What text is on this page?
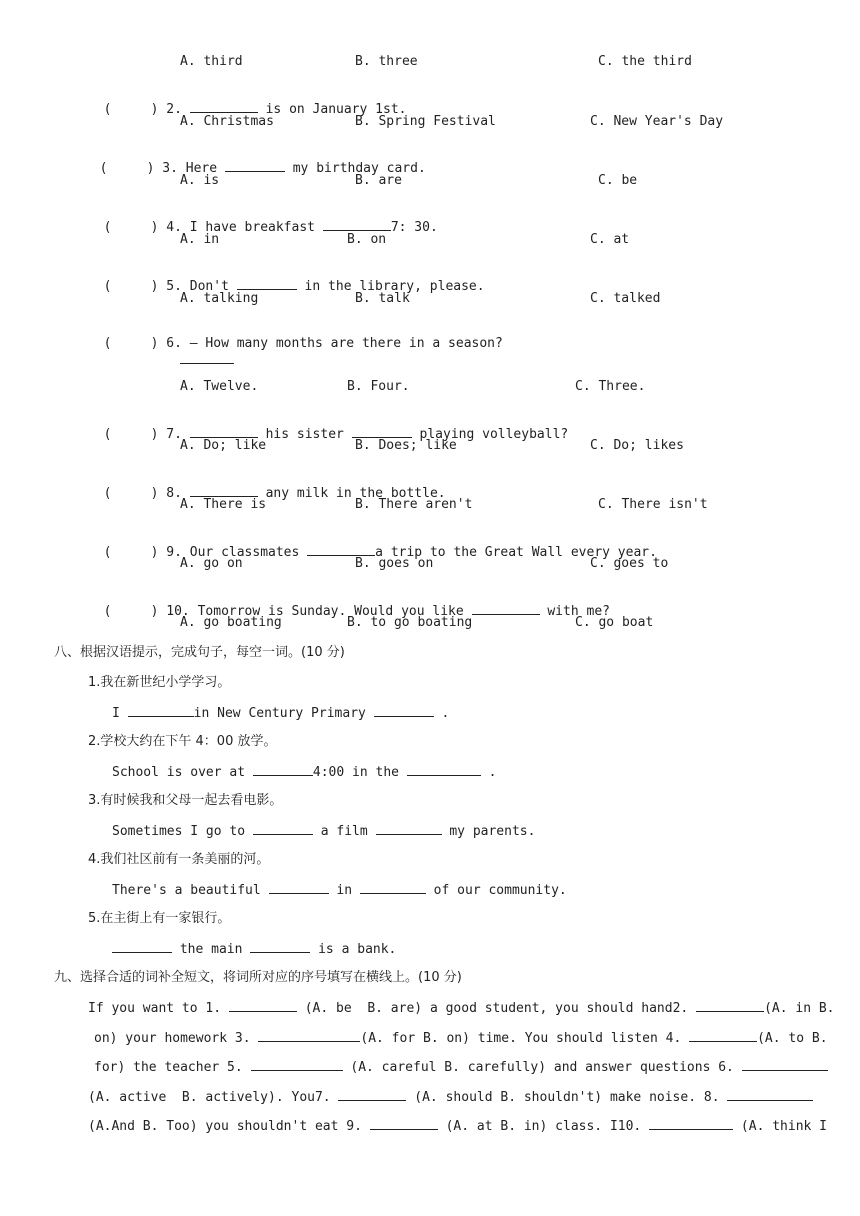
A. third	B. three	C. the third

(     ) 2.	is on January 1st.

A. Christmas	B. Spring Festival	C. New Year's Day

(     ) 3. Here	my birthday card.

A. is	B. are	C. be

(     ) 4. I have breakfast	7: 30.

A. in	B. on	C. at

(     ) 5. Don't	in the library, please.

A. talking	B. talk	C. talked

(     ) 6. — How many months are there in a season?

A. Twelve.	B. Four.	C. Three.

(     ) 7.	his sister	playing volleyball?

A. Do; like	B. Does; like	C. Do; likes

(     ) 8.	any milk in the bottle.

A. There is	B. There aren't	C. There isn't

(     ) 9. Our classmates	a trip to the Great Wall every year.

A. go on	B. goes on	C. goes to

(     ) 10. Tomorrow is Sunday. Would you like	with me?

A. go boating	B. to go boating	C. go boat
八、根据汉语提示，完成句子，每空一词。(10 分)
1.我在新世纪小学学习。
I	in New Century Primary	.
2.学校大约在下午 4：00 放学。
School is over at	4:00 in the	.
3.有时候我和父母一起去看电影。
Sometimes I go to	a film	my parents.
4.我们社区前有一条美丽的河。
There's a beautiful	in	of our community.
5.在主街上有一家银行。
the main	is a bank.
九、选择合适的词补全短文，将词所对应的序号填写在横线上。(10 分)
If you want to 1.	(A. be  B. are) a good student, you should hand2.	(A. in B.
on) your homework 3.	(A. for B. on) time. You should listen 4.	(A. to B.
for) the teacher 5.	(A. careful B. carefully) and answer questions 6.
(A. active  B. actively). You7.	(A. should B. shouldn't) make noise. 8.
(A.And B. Too) you shouldn't eat 9.	(A. at B. in) class. I10.	(A. think I
